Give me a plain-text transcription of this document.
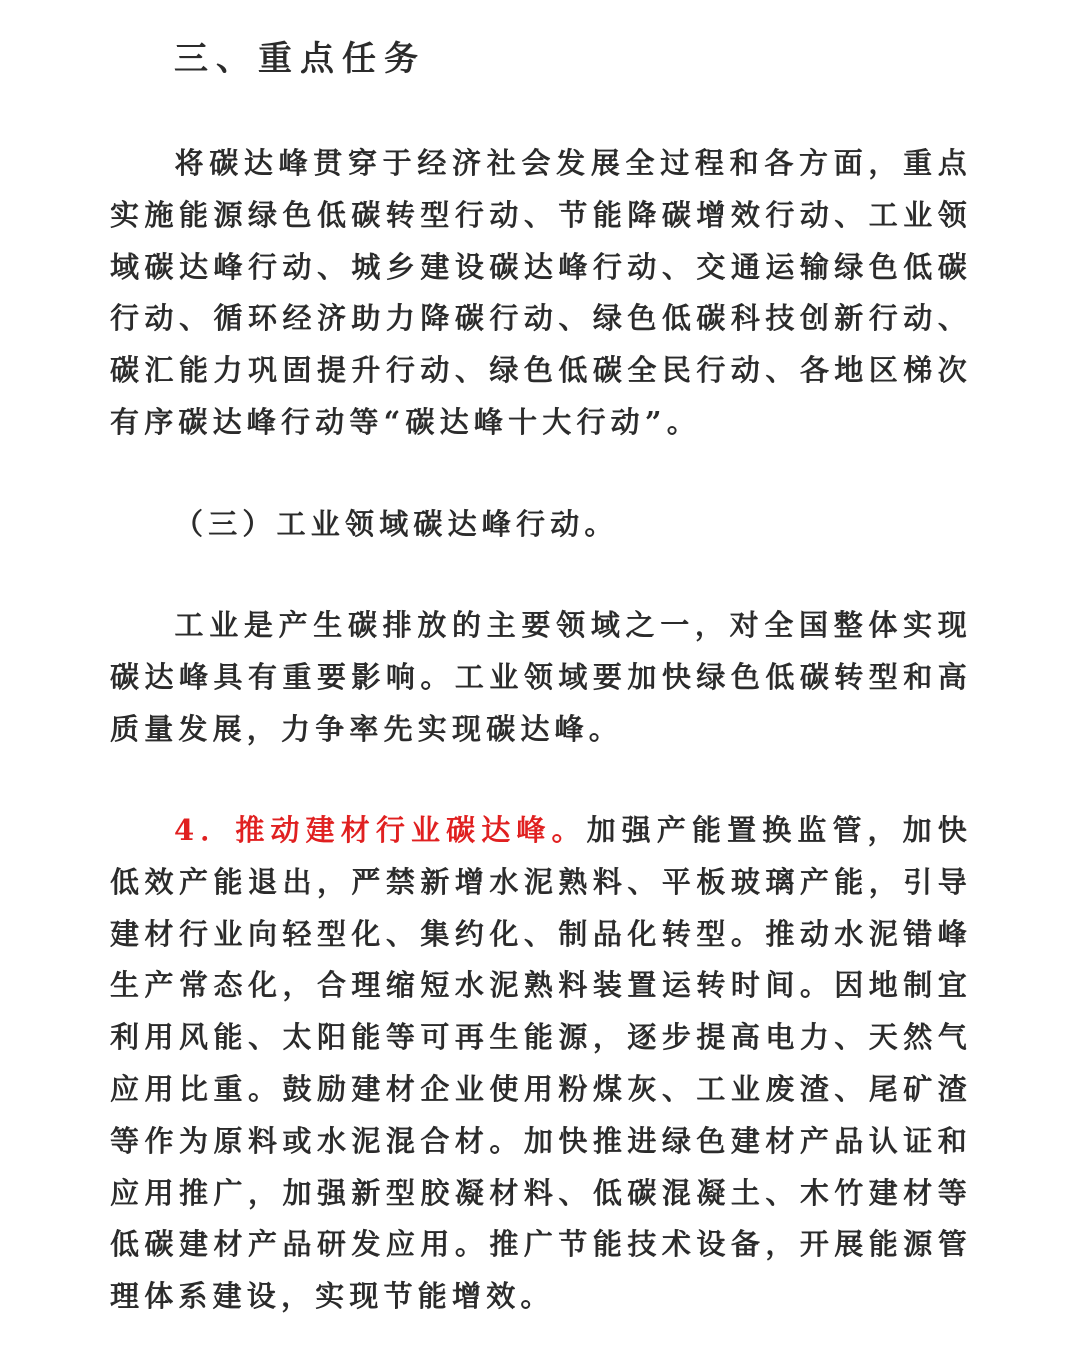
三、重点任务

将碳达峰贯穿于经济社会发展全过程和各方面，重点实施能源绿色低碳转型行动、节能降碳增效行动、工业领域碳达峰行动、城乡建设碳达峰行动、交通运输绿色低碳行动、循环经济助力降碳行动、绿色低碳科技创新行动、碳汇能力巩固提升行动、绿色低碳全民行动、各地区梯次有序碳达峰行动等“碳达峰十大行动”。

（三）工业领域碳达峰行动。

工业是产生碳排放的主要领域之一，对全国整体实现碳达峰具有重要影响。工业领域要加快绿色低碳转型和高质量发展，力争率先实现碳达峰。

4．推动建材行业碳达峰。加强产能置换监管，加快低效产能退出，严禁新增水泥熟料、平板玻璃产能，引导建材行业向轻型化、集约化、制品化转型。推动水泥错峰生产常态化，合理缩短水泥熟料装置运转时间。因地制宜利用风能、太阳能等可再生能源，逐步提高电力、天然气应用比重。鼓励建材企业使用粉煤灰、工业废渣、尾矿渣等作为原料或水泥混合材。加快推进绿色建材产品认证和应用推广，加强新型胶凝材料、低碳混凝土、木竹建材等低碳建材产品研发应用。推广节能技术设备，开展能源管理体系建设，实现节能增效。
